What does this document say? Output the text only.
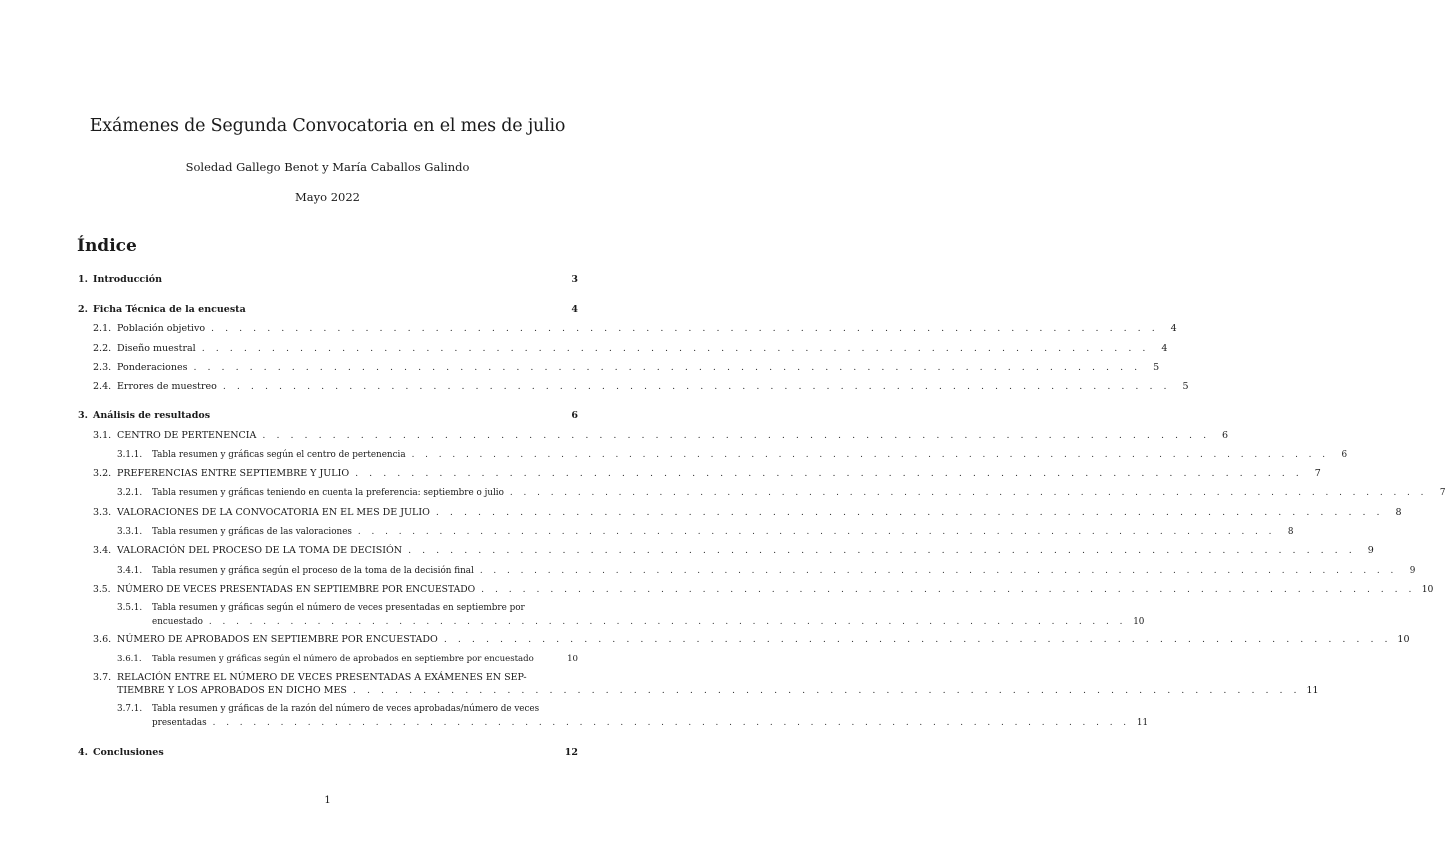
Exámenes de Segunda Convocatoria en el mes de julio
Soledad Gallego Benot y María Caballos Galindo
Mayo 2022
Índice
1. Introducción	3
2. Ficha Técnica de la encuesta	4
2.1. Población objetivo . . . . . . . . . . . . . . . . . . . . . . . . . . . . . . . . . . . . . . . . . . . . . . . . . . . . . . . . . . . . . . . . . . . .	4
2.2. Diseño muestral . . . . . . . . . . . . . . . . . . . . . . . . . . . . . . . . . . . . . . . . . . . . . . . . . . . . . . . . . . . . . . . . . . . .	4
2.3. Ponderaciones . . . . . . . . . . . . . . . . . . . . . . . . . . . . . . . . . . . . . . . . . . . . . . . . . . . . . . . . . . . . . . . . . . . .	5
2.4. Errores de muestreo . . . . . . . . . . . . . . . . . . . . . . . . . . . . . . . . . . . . . . . . . . . . . . . . . . . . . . . . . . . . . . . . . . . .	5
3. Análisis de resultados	6
3.1. CENTRO DE PERTENENCIA . . . . . . . . . . . . . . . . . . . . . . . . . . . . . . . . . . . . . . . . . . . . . . . . . . . . . . . . . . . . . . . . . . . .	6
3.1.1.	Tabla resumen y gráficas según el centro de pertenencia . . . . . . . . . . . . . . . . . . . . . . . . . . . . . . . . . . . . . . . . . . . . . . . . . . . . . . . . . . . . . . . . . . . .	6
3.2. PREFERENCIAS ENTRE SEPTIEMBRE Y JULIO . . . . . . . . . . . . . . . . . . . . . . . . . . . . . . . . . . . . . . . . . . . . . . . . . . . . . . . . . . . . . . . . . . . .	7
3.2.1.	Tabla resumen y gráficas teniendo en cuenta la preferencia: septiembre o julio . . . . . . . . . . . . . . . . . . . . . . . . . . . . . . . . . . . . . . . . . . . . . . . . . . . . . . . . . . . . . . . . . . . .	7
3.3. VALORACIONES DE LA CONVOCATORIA EN EL MES DE JULIO . . . . . . . . . . . . . . . . . . . . . . . . . . . . . . . . . . . . . . . . . . . . . . . . . . . . . . . . . . . . . . . . . . . .	8
3.3.1.	Tabla resumen y gráficas de las valoraciones . . . . . . . . . . . . . . . . . . . . . . . . . . . . . . . . . . . . . . . . . . . . . . . . . . . . . . . . . . . . . . . . . . . .	8
3.4. VALORACIÓN DEL PROCESO DE LA TOMA DE DECISIÓN . . . . . . . . . . . . . . . . . . . . . . . . . . . . . . . . . . . . . . . . . . . . . . . . . . . . . . . . . . . . . . . . . . . .	9
3.4.1.	Tabla resumen y gráfica según el proceso de la toma de la decisión final . . . . . . . . . . . . . . . . . . . . . . . . . . . . . . . . . . . . . . . . . . . . . . . . . . . . . . . . . . . . . . . . . . . .	9
3.5. NÚMERO DE VECES PRESENTADAS EN SEPTIEMBRE POR ENCUESTADO . . . . . . . . . . . . . . . . . . . . . . . . . . . . . . . . . . . . . . . . . . . . . . . . . . . . . . . . . . . . . . . . . . . . 10
3.5.1.	Tabla resumen y gráficas según el número de veces presentadas en septiembre por
encuestado . . . . . . . . . . . . . . . . . . . . . . . . . . . . . . . . . . . . . . . . . . . . . . . . . . . . . . . . . . . . . . . . . . . . 10
3.6. NÚMERO DE APROBADOS EN SEPTIEMBRE POR ENCUESTADO . . . . . . . . . . . . . . . . . . . . . . . . . . . . . . . . . . . . . . . . . . . . . . . . . . . . . . . . . . . . . . . . . . . . 10
3.6.1.	Tabla resumen y gráficas según el número de aprobados en septiembre por encuestado	10
3.7. RELACIÓN ENTRE EL NÚMERO DE VECES PRESENTADAS A EXÁMENES EN SEP-
TIEMBRE Y LOS APROBADOS EN DICHO MES . . . . . . . . . . . . . . . . . . . . . . . . . . . . . . . . . . . . . . . . . . . . . . . . . . . . . . . . . . . . . . . . . . . . 11
3.7.1.	Tabla resumen y gráficas de la razón del número de veces aprobadas/número de veces
presentadas . . . . . . . . . . . . . . . . . . . . . . . . . . . . . . . . . . . . . . . . . . . . . . . . . . . . . . . . . . . . . . . . . . . . 11
4. Conclusiones	12
1
